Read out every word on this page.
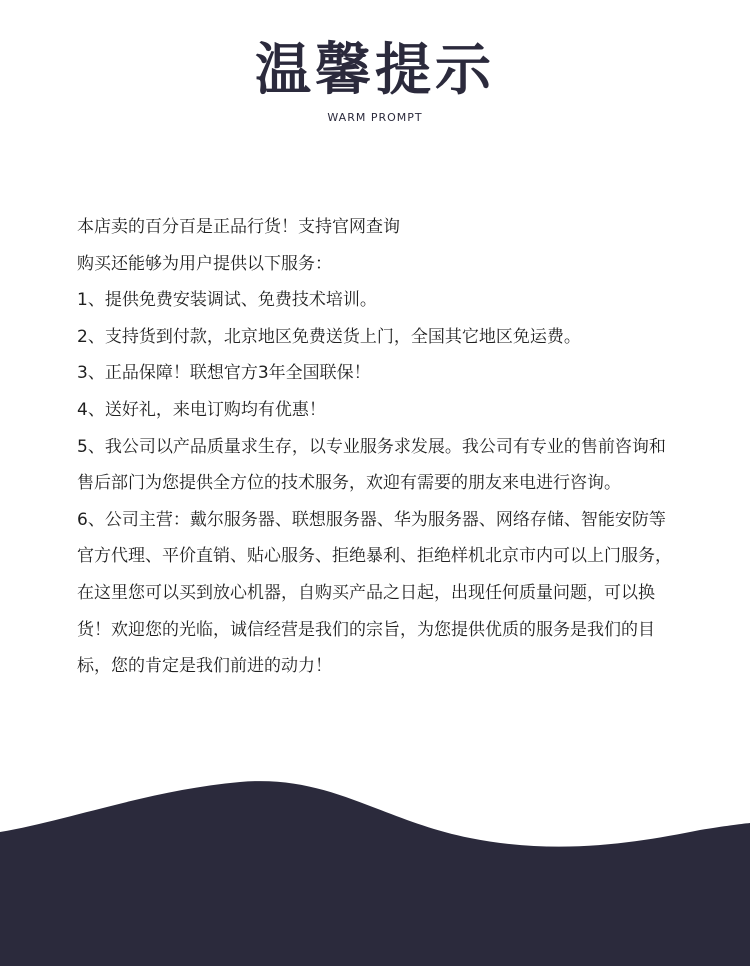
温馨提示
WARM PROMPT

本店卖的百分百是正品行货！支持官网查询

购买还能够为用户提供以下服务：

1、提供免费安装调试、免费技术培训。

2、支持货到付款，北京地区免费送货上门，全国其它地区免运费。

3、正品保障！联想官方3年全国联保！

4、送好礼，来电订购均有优惠！

5、我公司以产品质量求生存，以专业服务求发展。我公司有专业的售前咨询和售后部门为您提供全方位的技术服务，欢迎有需要的朋友来电进行咨询。

6、公司主营：戴尔服务器、联想服务器、华为服务器、网络存储、智能安防等官方代理、平价直销、贴心服务、拒绝暴利、拒绝样机北京市内可以上门服务，在这里您可以买到放心机器，自购买产品之日起，出现任何质量问题，可以换货！欢迎您的光临，诚信经营是我们的宗旨，为您提供优质的服务是我们的目标，您的肯定是我们前进的动力！
